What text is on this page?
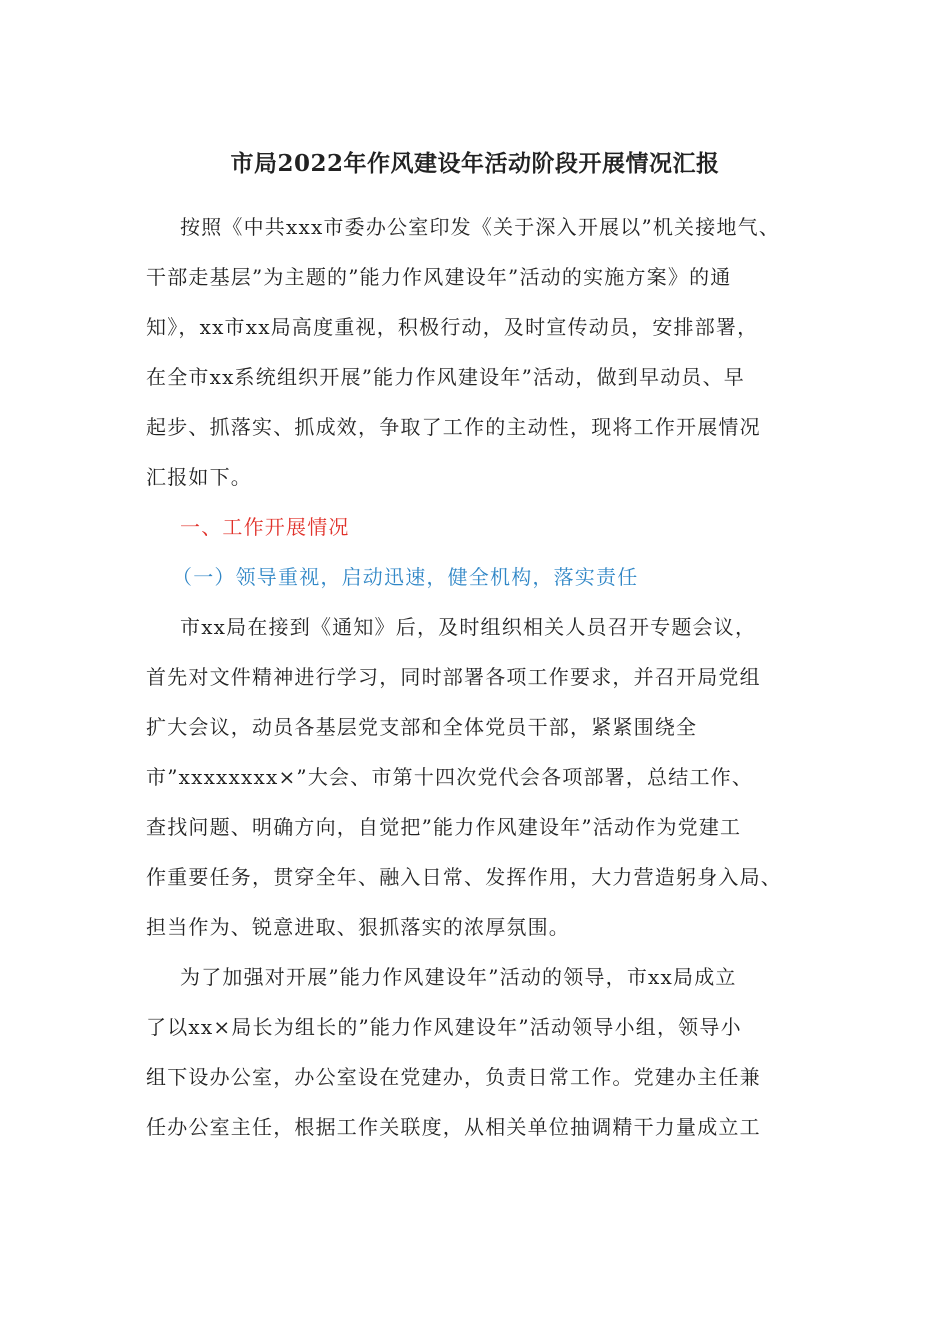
市局2022年作风建设年活动阶段开展情况汇报
按照《中共xxx市委办公室印发《关于深入开展以”机关接地气、
干部走基层”为主题的”能力作风建设年”活动的实施方案》的通
知》，xx市xx局高度重视，积极行动，及时宣传动员，安排部署，
在全市xx系统组织开展”能力作风建设年”活动，做到早动员、早
起步、抓落实、抓成效，争取了工作的主动性，现将工作开展情况
汇报如下。
一、工作开展情况
（一）领导重视，启动迅速，健全机构，落实责任
市xx局在接到《通知》后，及时组织相关人员召开专题会议，
首先对文件精神进行学习，同时部署各项工作要求，并召开局党组
扩大会议，动员各基层党支部和全体党员干部，紧紧围绕全
市”xxxxxxxx×”大会、市第十四次党代会各项部署，总结工作、
查找问题、明确方向，自觉把”能力作风建设年”活动作为党建工
作重要任务，贯穿全年、融入日常、发挥作用，大力营造躬身入局、
担当作为、锐意进取、狠抓落实的浓厚氛围。
为了加强对开展”能力作风建设年”活动的领导，市xx局成立
了以xx×局长为组长的”能力作风建设年”活动领导小组，领导小
组下设办公室，办公室设在党建办，负责日常工作。党建办主任兼
任办公室主任，根据工作关联度，从相关单位抽调精干力量成立工
